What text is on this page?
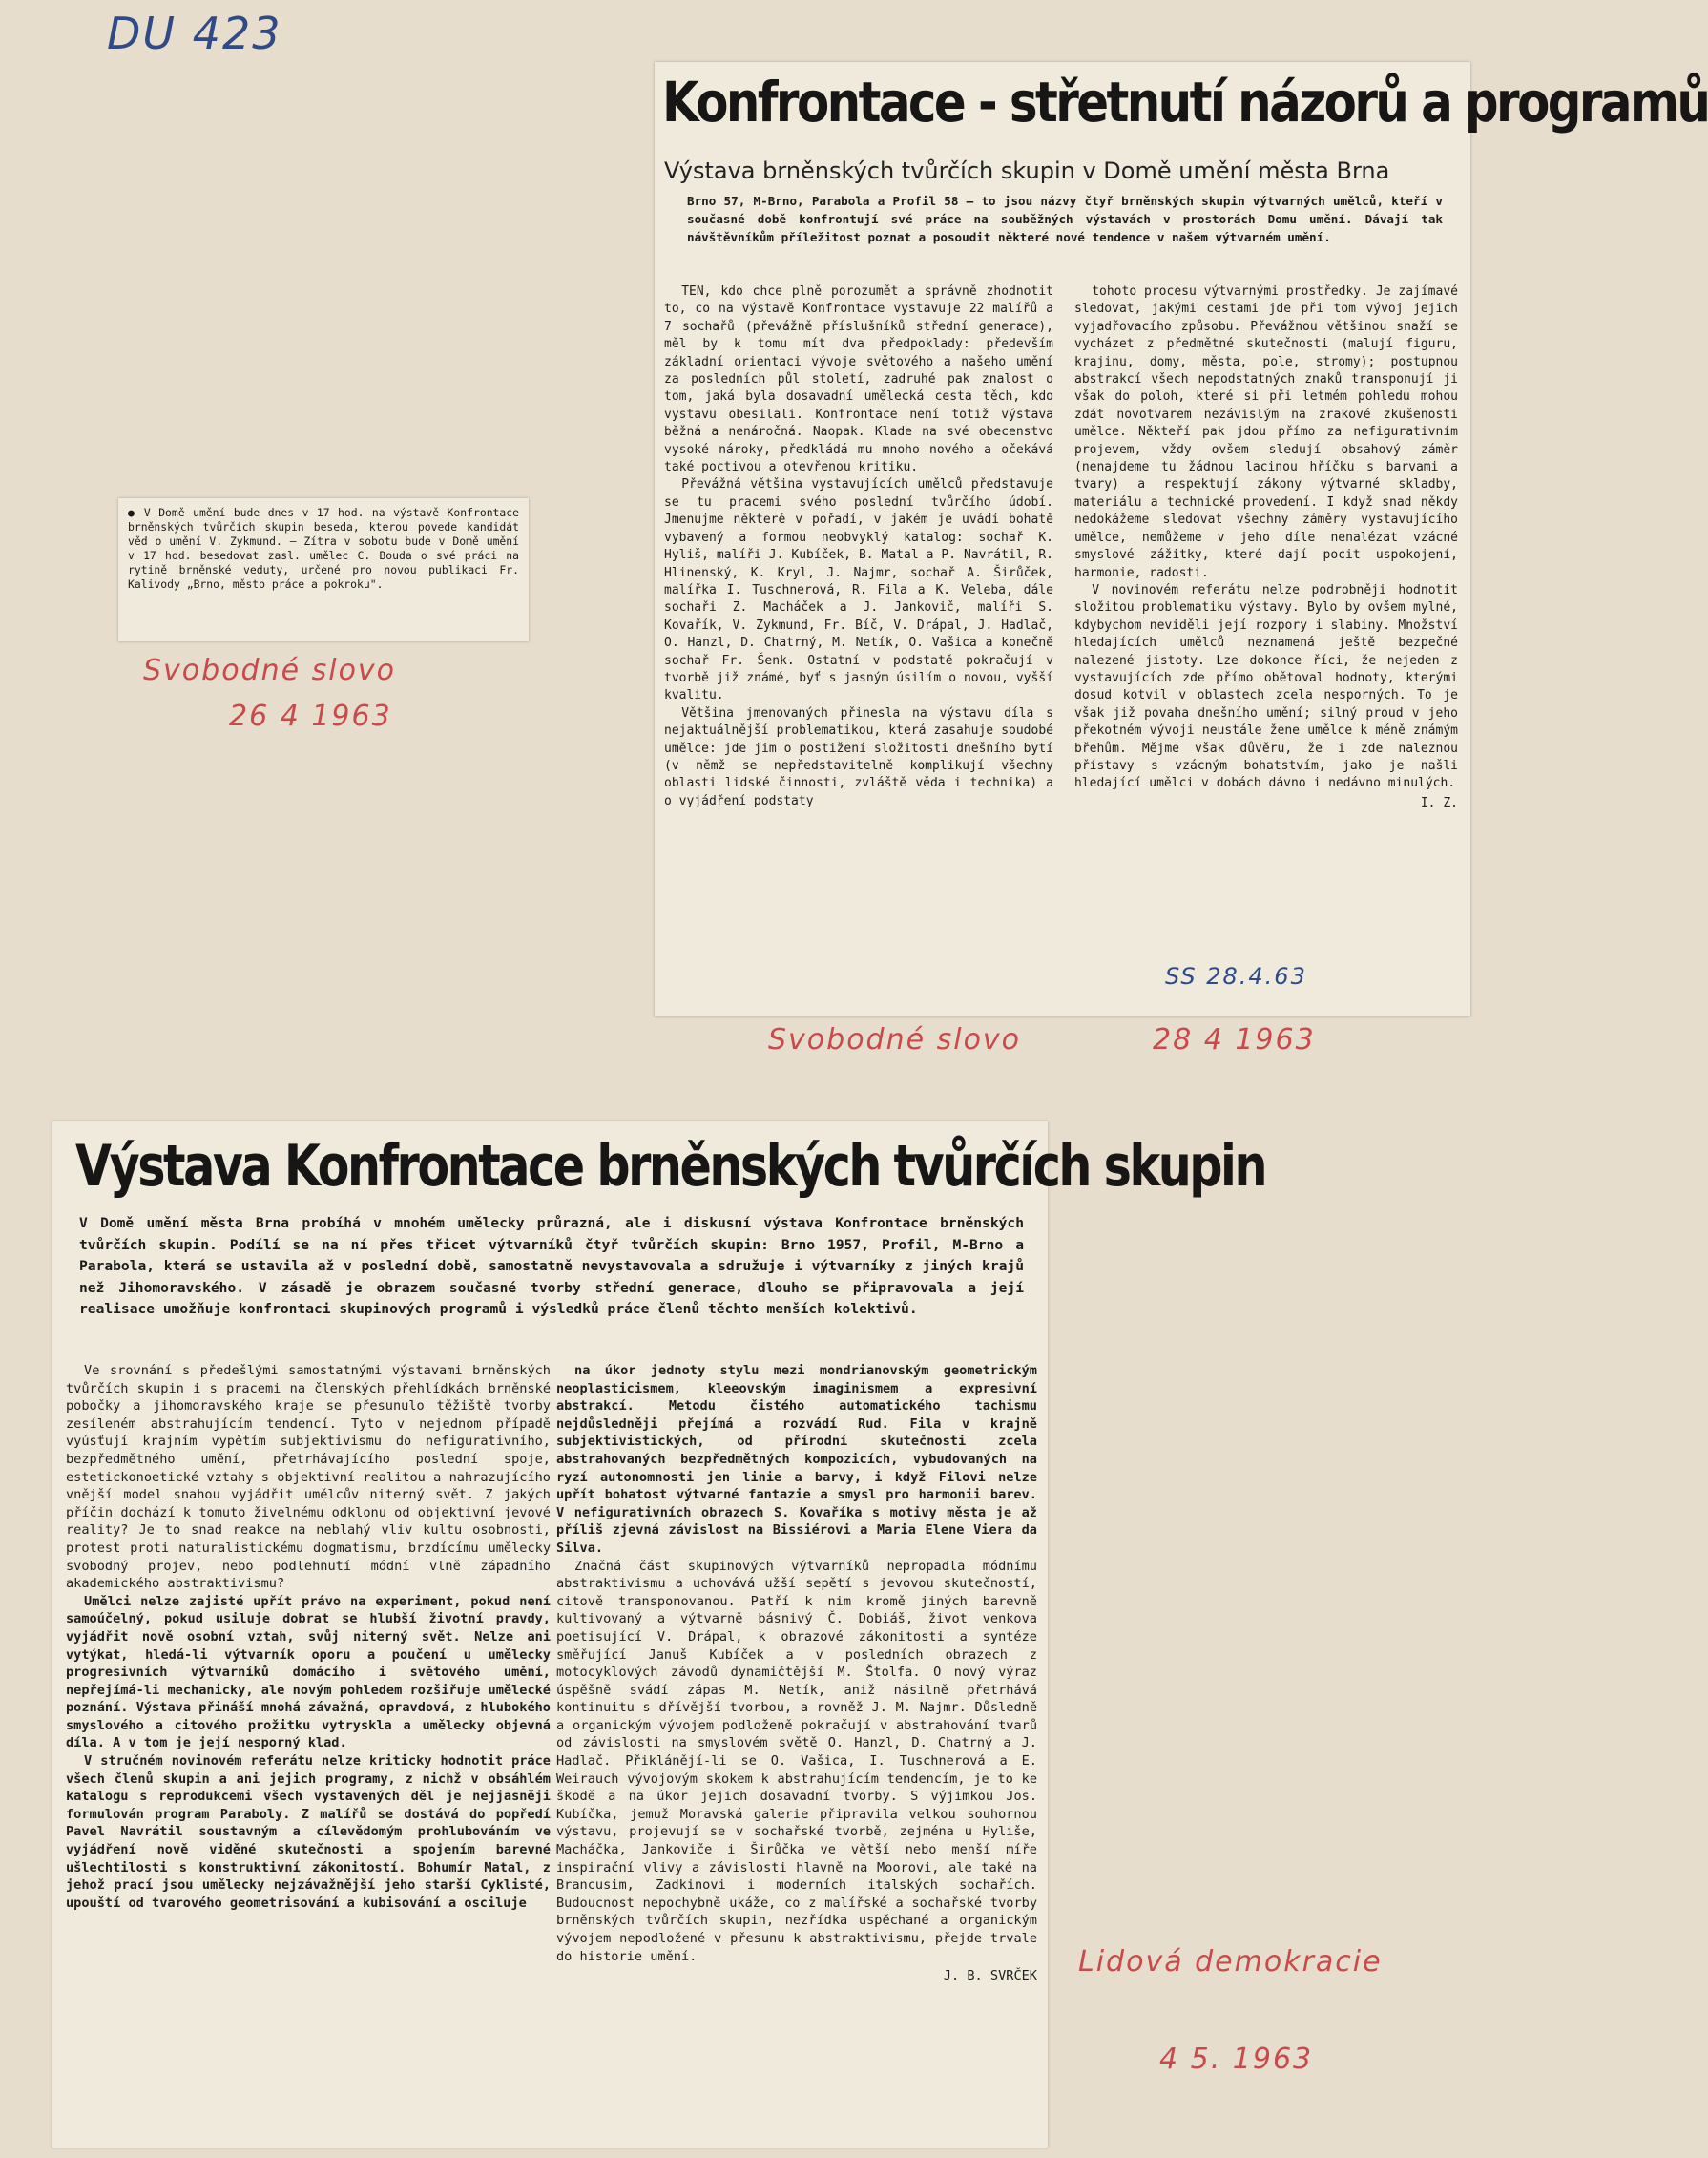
DU 423
Svobodné slovo
26 4 1963
Svobodné slovo	28 4 1963
Lidová demokracie
4 5. 1963
● V Domě umění bude dnes v 17 hod. na výstavě Konfrontace brněnských tvůrčích skupin beseda, kterou povede kandidát věd o umění V. Zykmund. — Zítra v sobotu bude v Domě umění v 17 hod. besedovat zasl. umělec C. Bouda o své práci na rytině brněnské veduty, určené pro novou publikaci Fr. Kalivody „Brno, město práce a pokroku".
Konfrontace - střetnutí názorů a programů
Výstava brněnských tvůrčích skupin v Domě umění města Brna
Brno 57, M-Brno, Parabola a Profil 58 — to jsou názvy čtyř brněnských skupin výtvarných umělců, kteří v současné době konfrontují své práce na souběžných výstavách v prostorách Domu umění. Dávají tak návštěvníkům příležitost poznat a posoudit některé nové tendence v našem výtvarném umění.

TEN, kdo chce plně porozumět a správně zhodnotit to, co na výstavě Konfrontace vystavuje 22 malířů a 7 sochařů (převážně příslušníků střední generace), měl by k tomu mít dva předpoklady: především základní orientaci vývoje světového a našeho umění za posledních půl století, zadruhé pak znalost o tom, jaká byla dosavadní umělecká cesta těch, kdo vystavu obesilali. Konfrontace není totiž výstava běžná a nenáročná. Naopak. Klade na své obecenstvo vysoké nároky, předkládá mu mnoho nového a očekává také poctivou a otevřenou kritiku.

Převážná většina vystavujících umělců představuje se tu pracemi svého poslední tvůrčího údobí. Jmenujme některé v pořadí, v jakém je uvádí bohatě vybavený a formou neobvyklý katalog: sochař K. Hyliš, malíři J. Kubíček, B. Matal a P. Navrátil, R. Hlinenský, K. Kryl, J. Najmr, sochař A. Širůček, malířka I. Tuschnerová, R. Fila a K. Veleba, dále sochaři Z. Macháček a J. Jankovič, malíři S. Kovařík, V. Zykmund, Fr. Bíč, V. Drápal, J. Hadlač, O. Hanzl, D. Chatrný, M. Netík, O. Vašica a konečně sochař Fr. Šenk. Ostatní v podstatě pokračují v tvorbě již známé, byť s jasným úsilím o novou, vyšší kvalitu.

Většina jmenovaných přinesla na výstavu díla s nejaktuálnější problematikou, která zasahuje soudobé umělce: jde jim o postižení složitosti dnešního bytí (v němž se nepředstavitelně komplikují všechny oblasti lidské činnosti, zvláště věda i technika) a o vyjádření podstaty

tohoto procesu výtvarnými prostředky. Je zajímavé sledovat, jakými cestami jde při tom vývoj jejich vyjadřovacího způsobu. Převážnou většinou snaží se vycházet z předmětné skutečnosti (malují figuru, krajinu, domy, města, pole, stromy); postupnou abstrakcí všech nepodstatných znaků transponují ji však do poloh, které si při letmém pohledu mohou zdát novotvarem nezávislým na zrakové zkušenosti umělce. Někteří pak jdou přímo za nefigurativním projevem, vždy ovšem sledují obsahový záměr (nenajdeme tu žádnou lacinou hříčku s barvami a tvary) a respektují zákony výtvarné skladby, materiálu a technické provedení. I když snad někdy nedokážeme sledovat všechny záměry vystavujícího umělce, nemůžeme v jeho díle nenalézat vzácné smyslové zážitky, které dají pocit uspokojení, harmonie, radosti.

V novinovém referátu nelze podrobněji hodnotit složitou problematiku výstavy. Bylo by ovšem mylné, kdybychom neviděli její rozpory i slabiny. Množství hledajících umělců neznamená ještě bezpečné nalezené jistoty. Lze dokonce říci, že nejeden z vystavujících zde přímo obětoval hodnoty, kterými dosud kotvil v oblastech zcela nesporných. To je však již povaha dnešního umění; silný proud v jeho překotném vývoji neustále žene umělce k méně známým břehům. Mějme však důvěru, že i zde naleznou přístavy s vzácným bohatstvím, jako je našli hledající umělci v dobách dávno i nedávno minulých.

I. Z.
SS 28.4.63
Výstava Konfrontace brněnských tvůrčích skupin
V Domě umění města Brna probíhá v mnohém umělecky průrazná, ale i diskusní výstava Konfrontace brněnských tvůrčích skupin. Podílí se na ní přes třicet výtvarníků čtyř tvůrčích skupin: Brno 1957, Profil, M-Brno a Parabola, která se ustavila až v poslední době, samostatně nevystavovala a sdružuje i výtvarníky z jiných krajů než Jihomoravského. V zásadě je obrazem současné tvorby střední generace, dlouho se připravovala a její realisace umožňuje konfrontaci skupinových programů i výsledků práce členů těchto menších kolektivů.

Ve srovnání s předešlými samostatnými výstavami brněnských tvůrčích skupin i s pracemi na členských přehlídkách brněnské pobočky a jihomoravského kraje se přesunulo těžiště tvorby zesíleném abstrahujícím tendencí. Tyto v nejednom případě vyúsťují krajním vypětím subjektivismu do nefigurativního, bezpředmětného umění, přetrhávajícího poslední spoje, estetickonoetické vztahy s objektivní realitou a nahrazujícího vnější model snahou vyjádřit umělcův niterný svět. Z jakých příčin dochází k tomuto živelnému odklonu od objektivní jevové reality? Je to snad reakce na neblahý vliv kultu osobnosti, protest proti naturalistickému dogmatismu, brzdícímu umělecky svobodný projev, nebo podlehnutí módní vlně západního akademického abstraktivismu?

Umělci nelze zajisté upřít právo na experiment, pokud není samoúčelný, pokud usiluje dobrat se hlubší životní pravdy, vyjádřit nově osobní vztah, svůj niterný svět. Nelze ani vytýkat, hledá-li výtvarník oporu a poučení u umělecky progresivních výtvarníků domácího i světového umění, nepřejímá-li mechanicky, ale novým pohledem rozšiřuje umělecké poznání. Výstava přináší mnohá závažná, opravdová, z hlubokého smyslového a citového prožitku vytryskla a umělecky objevná díla. A v tom je její nesporný klad.

V stručném novinovém referátu nelze kriticky hodnotit práce všech členů skupin a ani jejich programy, z nichž v obsáhlém katalogu s reprodukcemi všech vystavených děl je nejjasněji formulován program Paraboly. Z malířů se dostává do popředí Pavel Navrátil soustavným a cílevědomým prohlubováním ve vyjádření nově viděné skutečnosti a spojením barevné ušlechtilosti s konstruktivní zákonitostí. Bohumír Matal, z jehož prací jsou umělecky nejzávažnější jeho starší Cyklisté, upouští od tvarového geometrisování a kubisování a osciluje

na úkor jednoty stylu mezi mondrianovským geometrickým neoplasticismem, kleeovským imaginismem a expresivní abstrakcí. Metodu čistého automatického tachismu nejdůsledněji přejímá a rozvádí Rud. Fila v krajně subjektivistických, od přírodní skutečnosti zcela abstrahovaných bezpředmětných kompozicích, vybudovaných na ryzí autonomnosti jen linie a barvy, i když Filovi nelze upřít bohatost výtvarné fantazie a smysl pro harmonii barev. V nefigurativních obrazech S. Kovaříka s motivy města je až příliš zjevná závislost na Bissiérovi a Maria Elene Viera da Silva.

Značná část skupinových výtvarníků nepropadla módnímu abstraktivismu a uchovává užší sepětí s jevovou skutečností, citově transponovanou. Patří k nim kromě jiných barevně kultivovaný a výtvarně básnivý Č. Dobiáš, život venkova poetisující V. Drápal, k obrazové zákonitosti a syntéze směřující Januš Kubíček a v posledních obrazech z motocyklových závodů dynamičtější M. Štolfa. O nový výraz úspěšně svádí zápas M. Netík, aniž násilně přetrhává kontinuitu s dřívější tvorbou, a rovněž J. M. Najmr. Důsledně a organickým vývojem podloženě pokračují v abstrahování tvarů od závislosti na smyslovém světě O. Hanzl, D. Chatrný a J. Hadlač. Přiklánějí-li se O. Vašica, I. Tuschnerová a E. Weirauch vývojovým skokem k abstrahujícím tendencím, je to ke škodě a na úkor jejich dosavadní tvorby. S výjimkou Jos. Kubíčka, jemuž Moravská galerie připravila velkou souhornou výstavu, projevují se v sochařské tvorbě, zejména u Hyliše, Macháčka, Jankoviče i Širůčka ve větší nebo menší míře inspirační vlivy a závislosti hlavně na Moorovi, ale také na Brancusim, Zadkinovi i moderních italských sochařích. Budoucnost nepochybně ukáže, co z malířské a sochařské tvorby brněnských tvůrčích skupin, nezřídka uspěchané a organickým vývojem nepodložené v přesunu k abstraktivismu, přejde trvale do historie umění.

J. B. SVRČEK
